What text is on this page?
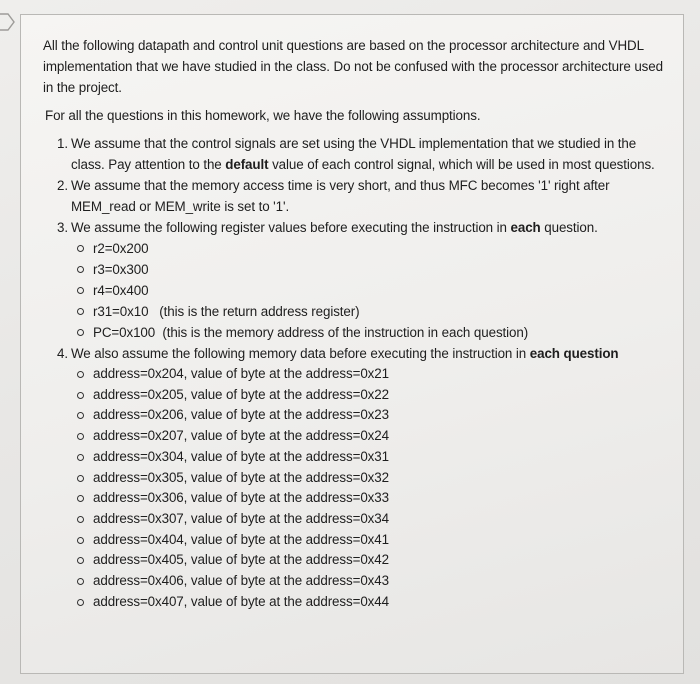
All the following datapath and control unit questions are based on the processor architecture and VHDL implementation that we have studied in the class. Do not be confused with the processor architecture used in the project.

For all the questions in this homework, we have the following assumptions.

1. We assume that the control signals are set using the VHDL implementation that we studied in the class. Pay attention to the default value of each control signal, which will be used in most questions.
2. We assume that the memory access time is very short, and thus MFC becomes '1' right after MEM_read or MEM_write is set to '1'.
3. We assume the following register values before executing the instruction in each question.
r2=0x200
r3=0x300
r4=0x400
r31=0x10   (this is the return address register)
PC=0x100  (this is the memory address of the instruction in each question)
4. We also assume the following memory data before executing the instruction in each question
address=0x204, value of byte at the address=0x21
address=0x205, value of byte at the address=0x22
address=0x206, value of byte at the address=0x23
address=0x207, value of byte at the address=0x24
address=0x304, value of byte at the address=0x31
address=0x305, value of byte at the address=0x32
address=0x306, value of byte at the address=0x33
address=0x307, value of byte at the address=0x34
address=0x404, value of byte at the address=0x41
address=0x405, value of byte at the address=0x42
address=0x406, value of byte at the address=0x43
address=0x407, value of byte at the address=0x44
